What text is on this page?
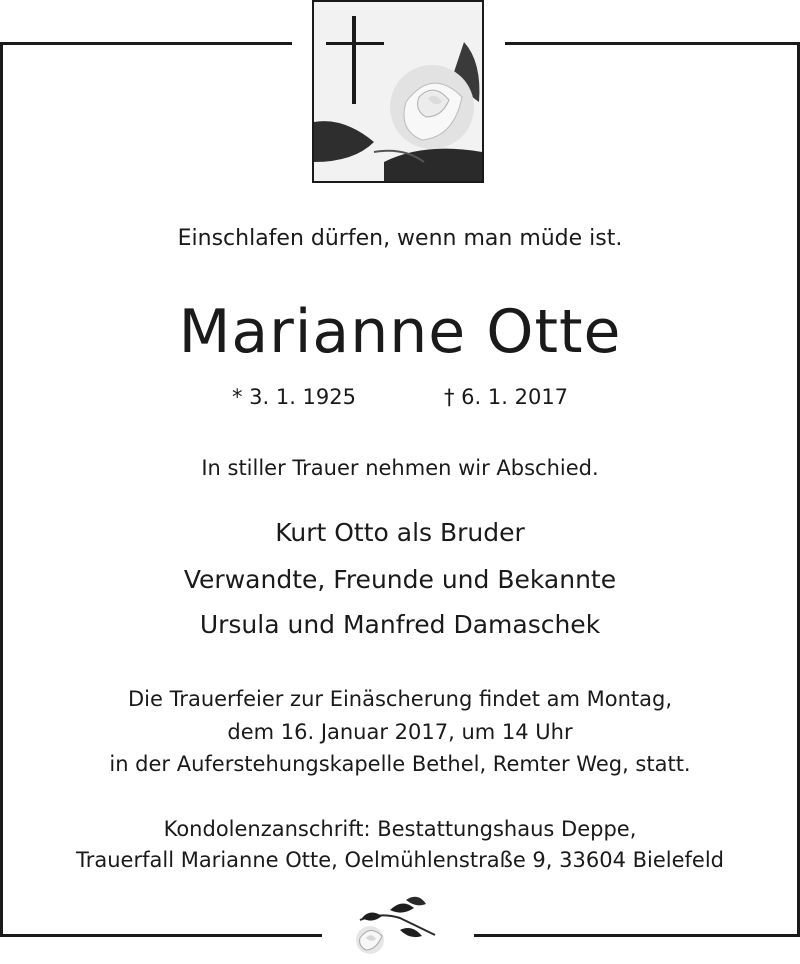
Einschlafen dürfen, wenn man müde ist.
Marianne Otte
* 3. 1. 1925	† 6. 1. 2017
In stiller Trauer nehmen wir Abschied.
Kurt Otto als Bruder
Verwandte, Freunde und Bekannte
Ursula und Manfred Damaschek
Die Trauerfeier zur Einäscherung findet am Montag,
dem 16. Januar 2017, um 14 Uhr
in der Auferstehungskapelle Bethel, Remter Weg, statt.
Kondolenzanschrift: Bestattungshaus Deppe,
Trauerfall Marianne Otte, Oelmühlenstraße 9, 33604 Bielefeld
